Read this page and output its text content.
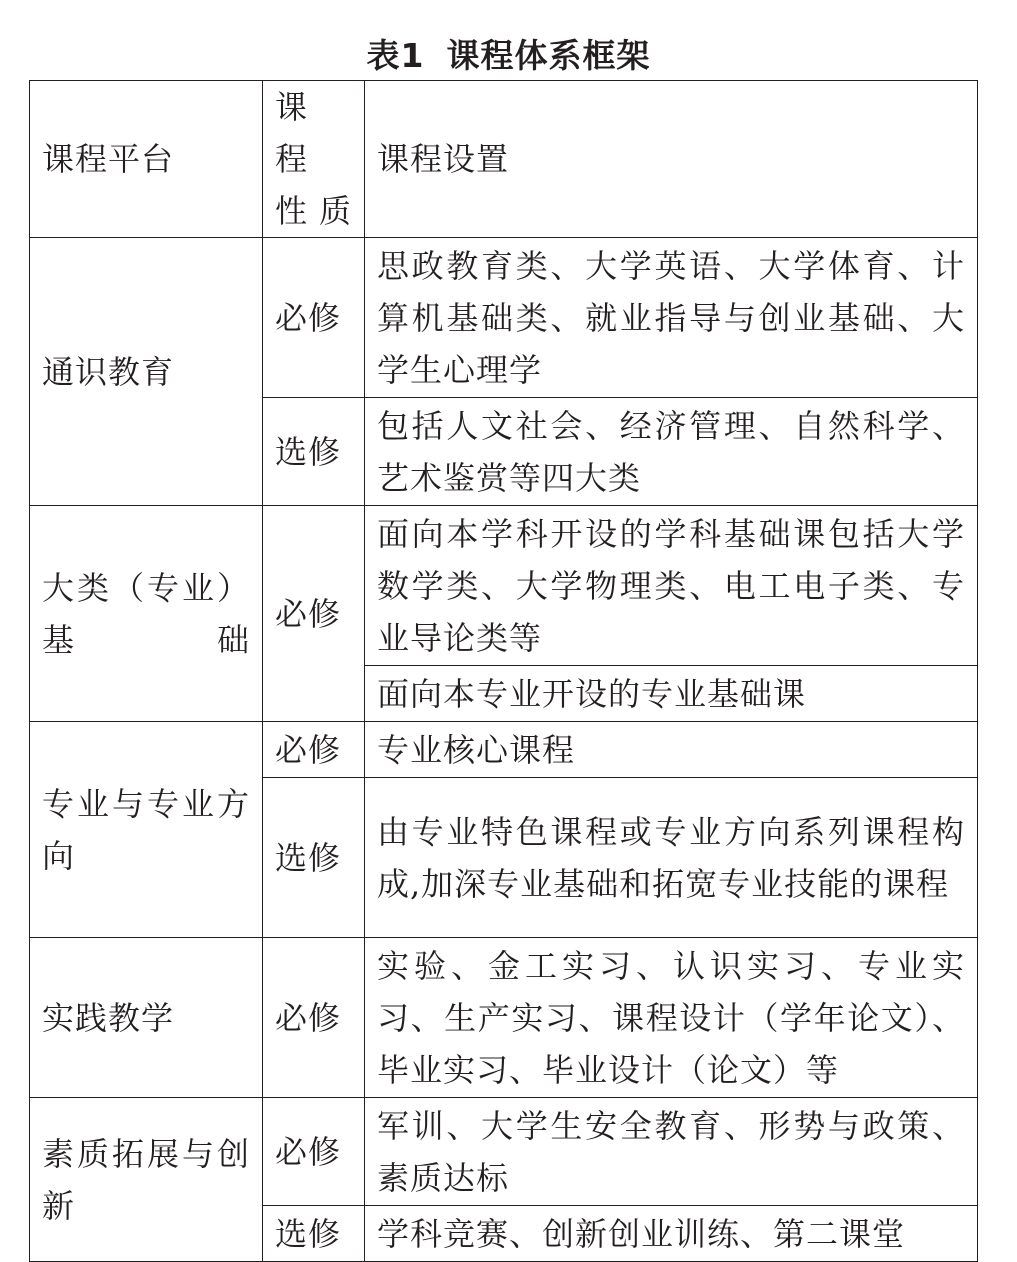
表1 课程体系框架
课程平台	课 程 性质	课程设置
通识教育	必修	思政教育类、大学英语、大学体育、计算机基础类、就业指导与创业基础、大学生心理学
	选修	包括人文社会、经济管理、自然科学、艺术鉴赏等四大类
大类（专业）基础	必修	面向本学科开设的学科基础课包括大学数学类、大学物理类、电工电子类、专业导论类等
		面向本专业开设的专业基础课
专业与专业方向	必修	专业核心课程
	选修	由专业特色课程或专业方向系列课程构成,加深专业基础和拓宽专业技能的课程
实践教学	必修	实验、金工实习、认识实习、专业实习、生产实习、课程设计（学年论文）、毕业实习、毕业设计（论文）等
素质拓展与创新	必修	军训、大学生安全教育、形势与政策、素质达标
	选修	学科竞赛、创新创业训练、第二课堂
